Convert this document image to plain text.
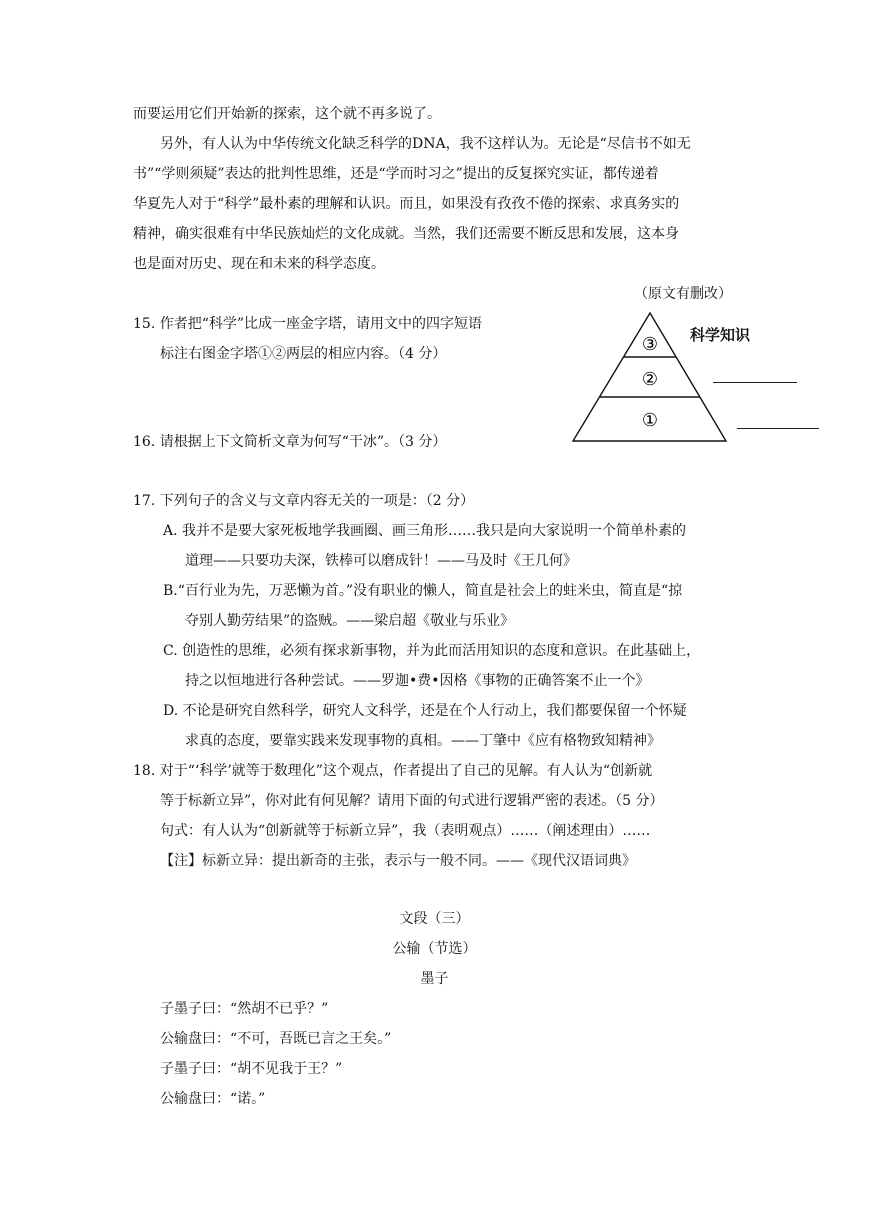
而要运用它们开始新的探索，这个就不再多说了。
另外，有人认为中华传统文化缺乏科学的DNA，我不这样认为。无论是“尽信书不如无
书”“学则须疑”表达的批判性思维，还是“学而时习之”提出的反复探究实证，都传递着
华夏先人对于“科学”最朴素的理解和认识。而且，如果没有孜孜不倦的探索、求真务实的
精神，确实很难有中华民族灿烂的文化成就。当然，我们还需要不断反思和发展，这本身
也是面对历史、现在和未来的科学态度。
（原文有删改）
15. 作者把“科学”比成一座金字塔，请用文中的四字短语
标注右图金字塔①②两层的相应内容。（4 分）	③
②
①
科学知识
16. 请根据上下文简析文章为何写“干冰”。（3 分）
17. 下列句子的含义与文章内容无关的一项是：（2 分）
A. 我并不是要大家死板地学我画圈、画三角形……我只是向大家说明一个简单朴素的
道理——只要功夫深，铁棒可以磨成针！——马及时《王几何》
B.“百行业为先，万恶懒为首。”没有职业的懒人，简直是社会上的蛀米虫，简直是“掠
夺别人勤劳结果”的盗贼。——梁启超《敬业与乐业》
C. 创造性的思维，必须有探求新事物，并为此而活用知识的态度和意识。在此基础上，
持之以恒地进行各种尝试。——罗迦•费•因格《事物的正确答案不止一个》
D. 不论是研究自然科学，研究人文科学，还是在个人行动上，我们都要保留一个怀疑
求真的态度，要靠实践来发现事物的真相。——丁肇中《应有格物致知精神》
18. 对于“‘科学’就等于数理化”这个观点，作者提出了自己的见解。有人认为“创新就
等于标新立异”，你对此有何见解？请用下面的句式进行逻辑严密的表述。（5 分）
句式：有人认为“创新就等于标新立异”，我（表明观点）……（阐述理由）……
【注】标新立异：提出新奇的主张，表示与一般不同。——《现代汉语词典》
文段（三）
公输（节选）
墨子
子墨子曰：“然胡不已乎？”
公输盘曰：“不可，吾既已言之王矣。”
子墨子曰：“胡不见我于王？”
公输盘曰：“诺。”
